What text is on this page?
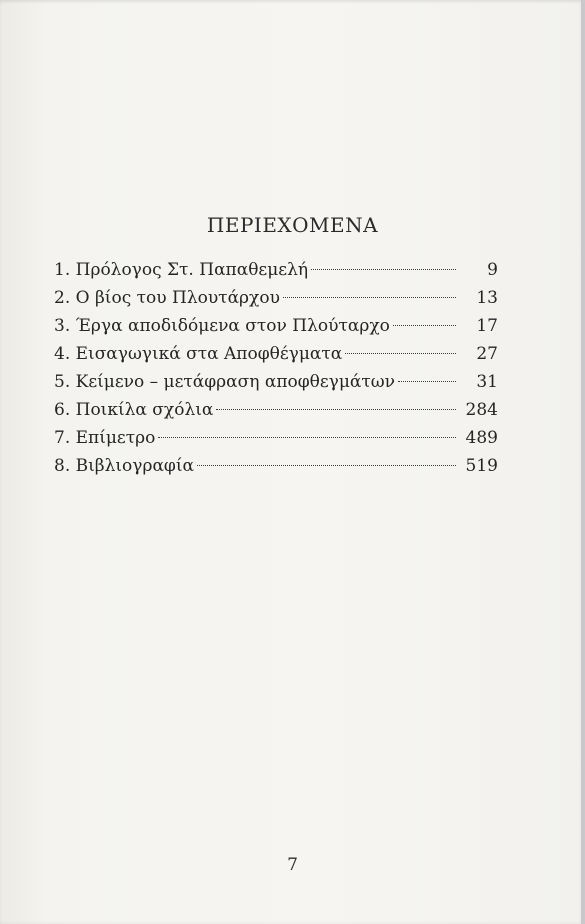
ΠΕΡΙΕΧΟΜΕΝΑ
1. Πρόλογος Στ. Παπαθεμελή	9
2. Ο βίος του Πλουτάρχου	13
3. Έργα αποδιδόμενα στον Πλούταρχο	17
4. Εισαγωγικά στα Αποφθέγματα	27
5. Κείμενο – μετάφραση αποφθεγμάτων	31
6. Ποικίλα σχόλια	284
7. Επίμετρο	489
8. Βιβλιογραφία	519
7
